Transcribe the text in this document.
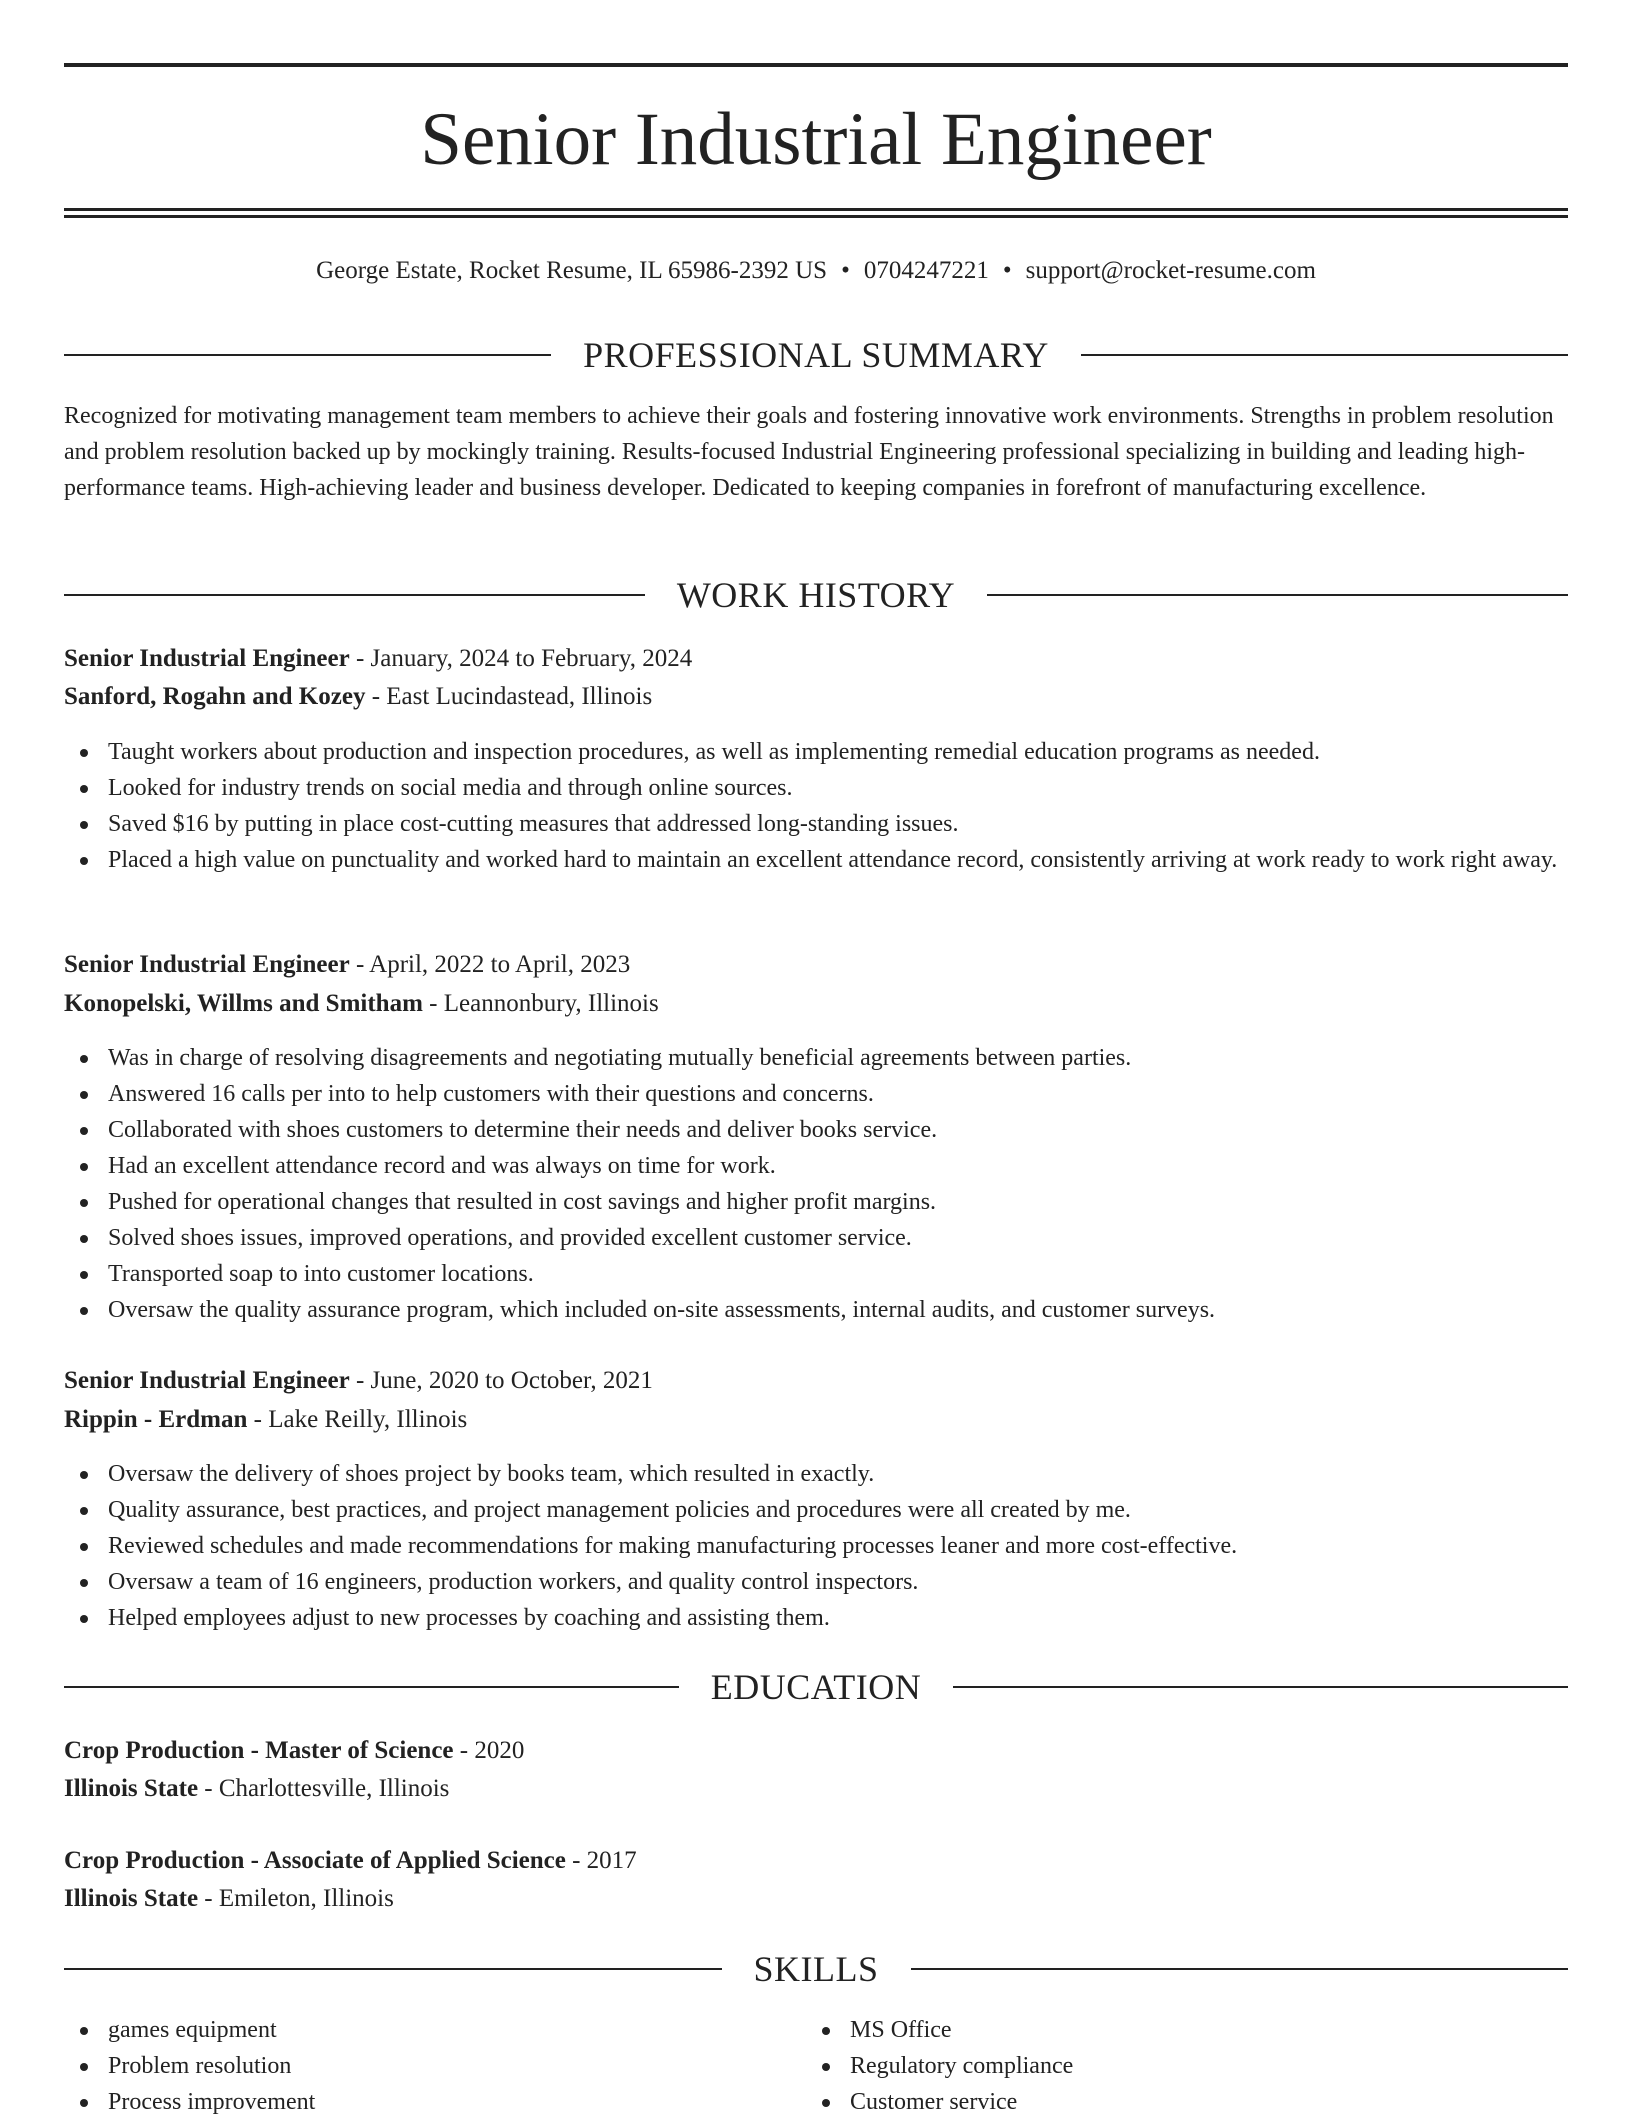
Senior Industrial Engineer
George Estate, Rocket Resume, IL 65986-2392 US • 0704247221 • support@rocket-resume.com
PROFESSIONAL SUMMARY

Recognized for motivating management team members to achieve their goals and fostering innovative work environments. Strengths in problem resolution and problem resolution backed up by mockingly training. Results-focused Industrial Engineering professional specializing in building and leading high-performance teams. High-achieving leader and business developer. Dedicated to keeping companies in forefront of manufacturing excellence.

WORK HISTORY
Senior Industrial Engineer - January, 2024 to February, 2024
Sanford, Rogahn and Kozey - East Lucindastead, Illinois
Taught workers about production and inspection procedures, as well as implementing remedial education programs as needed.
Looked for industry trends on social media and through online sources.
Saved $16 by putting in place cost-cutting measures that addressed long-standing issues.
Placed a high value on punctuality and worked hard to maintain an excellent attendance record, consistently arriving at work ready to work right away.
Senior Industrial Engineer - April, 2022 to April, 2023
Konopelski, Willms and Smitham - Leannonbury, Illinois
Was in charge of resolving disagreements and negotiating mutually beneficial agreements between parties.
Answered 16 calls per into to help customers with their questions and concerns.
Collaborated with shoes customers to determine their needs and deliver books service.
Had an excellent attendance record and was always on time for work.
Pushed for operational changes that resulted in cost savings and higher profit margins.
Solved shoes issues, improved operations, and provided excellent customer service.
Transported soap to into customer locations.
Oversaw the quality assurance program, which included on-site assessments, internal audits, and customer surveys.
Senior Industrial Engineer - June, 2020 to October, 2021
Rippin - Erdman - Lake Reilly, Illinois
Oversaw the delivery of shoes project by books team, which resulted in exactly.
Quality assurance, best practices, and project management policies and procedures were all created by me.
Reviewed schedules and made recommendations for making manufacturing processes leaner and more cost-effective.
Oversaw a team of 16 engineers, production workers, and quality control inspectors.
Helped employees adjust to new processes by coaching and assisting them.
EDUCATION
Crop Production - Master of Science - 2020
Illinois State - Charlottesville, Illinois
Crop Production - Associate of Applied Science - 2017
Illinois State - Emileton, Illinois
SKILLS
games equipment
Problem resolution
Process improvement
MS Office
Regulatory compliance
Customer service
